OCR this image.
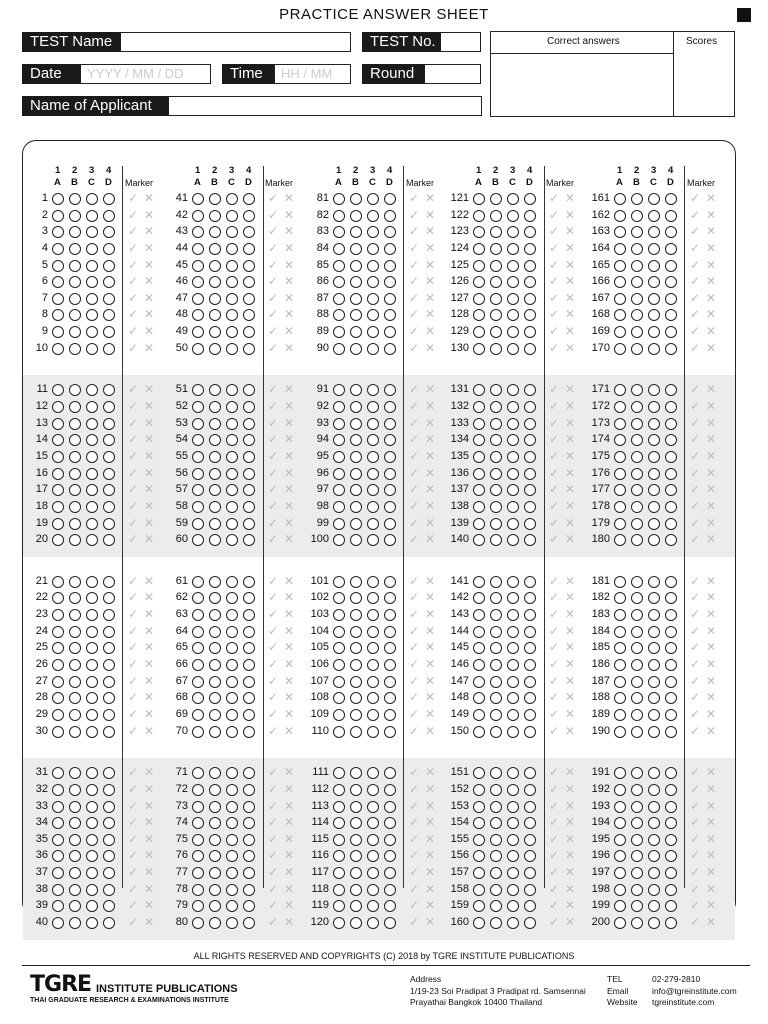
PRACTICE ANSWER SHEET
TEST Name	TEST No.
Date	YYYY / MM / DD	Time	HH / MM	Round
Name of Applicant
Correct answers	Scores
1 2 3 4
A B C D Marker
1	✓ ✕
2	✓ ✕
3	✓ ✕
4	✓ ✕
5	✓ ✕
6	✓ ✕
7	✓ ✕
8	✓ ✕
9	✓ ✕
10	✓ ✕
11	✓ ✕
12	✓ ✕
13	✓ ✕
14	✓ ✕
15	✓ ✕
16	✓ ✕
17	✓ ✕
18	✓ ✕
19	✓ ✕
20	✓ ✕
21	✓ ✕
22	✓ ✕
23	✓ ✕
24	✓ ✕
25	✓ ✕
26	✓ ✕
27	✓ ✕
28	✓ ✕
29	✓ ✕
30	✓ ✕
31	✓ ✕
32	✓ ✕
33	✓ ✕
34	✓ ✕
35	✓ ✕
36	✓ ✕
37	✓ ✕
38	✓ ✕
39	✓ ✕
40	✓ ✕
1 2 3 4
A B C D Marker
41	✓ ✕
42	✓ ✕
43	✓ ✕
44	✓ ✕
45	✓ ✕
46	✓ ✕
47	✓ ✕
48	✓ ✕
49	✓ ✕
50	✓ ✕
51	✓ ✕
52	✓ ✕
53	✓ ✕
54	✓ ✕
55	✓ ✕
56	✓ ✕
57	✓ ✕
58	✓ ✕
59	✓ ✕
60	✓ ✕
61	✓ ✕
62	✓ ✕
63	✓ ✕
64	✓ ✕
65	✓ ✕
66	✓ ✕
67	✓ ✕
68	✓ ✕
69	✓ ✕
70	✓ ✕
71	✓ ✕
72	✓ ✕
73	✓ ✕
74	✓ ✕
75	✓ ✕
76	✓ ✕
77	✓ ✕
78	✓ ✕
79	✓ ✕
80	✓ ✕
1 2 3 4
A B C D Marker
81	✓ ✕
82	✓ ✕
83	✓ ✕
84	✓ ✕
85	✓ ✕
86	✓ ✕
87	✓ ✕
88	✓ ✕
89	✓ ✕
90	✓ ✕
91	✓ ✕
92	✓ ✕
93	✓ ✕
94	✓ ✕
95	✓ ✕
96	✓ ✕
97	✓ ✕
98	✓ ✕
99	✓ ✕
100	✓ ✕
101	✓ ✕
102	✓ ✕
103	✓ ✕
104	✓ ✕
105	✓ ✕
106	✓ ✕
107	✓ ✕
108	✓ ✕
109	✓ ✕
110	✓ ✕
111	✓ ✕
112	✓ ✕
113	✓ ✕
114	✓ ✕
115	✓ ✕
116	✓ ✕
117	✓ ✕
118	✓ ✕
119	✓ ✕
120	✓ ✕
1 2 3 4
A B C D Marker
121	✓ ✕
122	✓ ✕
123	✓ ✕
124	✓ ✕
125	✓ ✕
126	✓ ✕
127	✓ ✕
128	✓ ✕
129	✓ ✕
130	✓ ✕
131	✓ ✕
132	✓ ✕
133	✓ ✕
134	✓ ✕
135	✓ ✕
136	✓ ✕
137	✓ ✕
138	✓ ✕
139	✓ ✕
140	✓ ✕
141	✓ ✕
142	✓ ✕
143	✓ ✕
144	✓ ✕
145	✓ ✕
146	✓ ✕
147	✓ ✕
148	✓ ✕
149	✓ ✕
150	✓ ✕
151	✓ ✕
152	✓ ✕
153	✓ ✕
154	✓ ✕
155	✓ ✕
156	✓ ✕
157	✓ ✕
158	✓ ✕
159	✓ ✕
160	✓ ✕
1 2 3 4
A B C D Marker
161	✓ ✕
162	✓ ✕
163	✓ ✕
164	✓ ✕
165	✓ ✕
166	✓ ✕
167	✓ ✕
168	✓ ✕
169	✓ ✕
170	✓ ✕
171	✓ ✕
172	✓ ✕
173	✓ ✕
174	✓ ✕
175	✓ ✕
176	✓ ✕
177	✓ ✕
178	✓ ✕
179	✓ ✕
180	✓ ✕
181	✓ ✕
182	✓ ✕
183	✓ ✕
184	✓ ✕
185	✓ ✕
186	✓ ✕
187	✓ ✕
188	✓ ✕
189	✓ ✕
190	✓ ✕
191	✓ ✕
192	✓ ✕
193	✓ ✕
194	✓ ✕
195	✓ ✕
196	✓ ✕
197	✓ ✕
198	✓ ✕
199	✓ ✕
200	✓ ✕
ALL RIGHTS RESERVED AND COPYRIGHTS (C) 2018 by TGRE INSTITUTE PUBLICATIONS
TGRE INSTITUTE PUBLICATIONS
THAI GRADUATE RESEARCH & EXAMINATIONS INSTITUTE
Address
1/19-23 Soi Pradipat 3 Pradipat rd. Samsennai
Prayathai Bangkok 10400 Thailand
TEL
Email
Website
02-279-2810
info@tgreinstitute.com
tgreinstitute.com
